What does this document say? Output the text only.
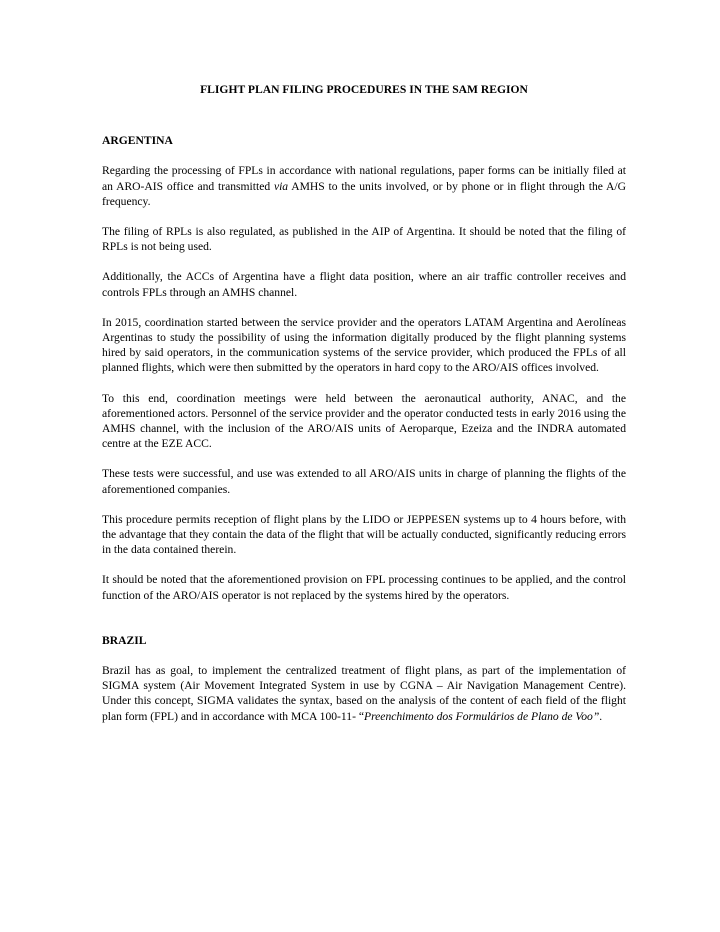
FLIGHT PLAN FILING PROCEDURES IN THE SAM REGION
ARGENTINA

Regarding the processing of FPLs in accordance with national regulations, paper forms can be initially filed at an ARO-AIS office and transmitted via AMHS to the units involved, or by phone or in flight through the A/G frequency.

The filing of RPLs is also regulated, as published in the AIP of Argentina. It should be noted that the filing of RPLs is not being used.

Additionally, the ACCs of Argentina have a flight data position, where an air traffic controller receives and controls FPLs through an AMHS channel.

In 2015, coordination started between the service provider and the operators LATAM Argentina and Aerolíneas Argentinas to study the possibility of using the information digitally produced by the flight planning systems hired by said operators, in the communication systems of the service provider, which produced the FPLs of all planned flights, which were then submitted by the operators in hard copy to the ARO/AIS offices involved.

To this end, coordination meetings were held between the aeronautical authority, ANAC, and the aforementioned actors. Personnel of the service provider and the operator conducted tests in early 2016 using the AMHS channel, with the inclusion of the ARO/AIS units of Aeroparque, Ezeiza and the INDRA automated centre at the EZE ACC.

These tests were successful, and use was extended to all ARO/AIS units in charge of planning the flights of the aforementioned companies.

This procedure permits reception of flight plans by the LIDO or JEPPESEN systems up to 4 hours before, with the advantage that they contain the data of the flight that will be actually conducted, significantly reducing errors in the data contained therein.

It should be noted that the aforementioned provision on FPL processing continues to be applied, and the control function of the ARO/AIS operator is not replaced by the systems hired by the operators.

BRAZIL

Brazil has as goal, to implement the centralized treatment of flight plans, as part of the implementation of SIGMA system (Air Movement Integrated System in use by CGNA – Air Navigation Management Centre). Under this concept, SIGMA validates the syntax, based on the analysis of the content of each field of the flight plan form (FPL) and in accordance with MCA 100-11- “Preenchimento dos Formulários de Plano de Voo”.
